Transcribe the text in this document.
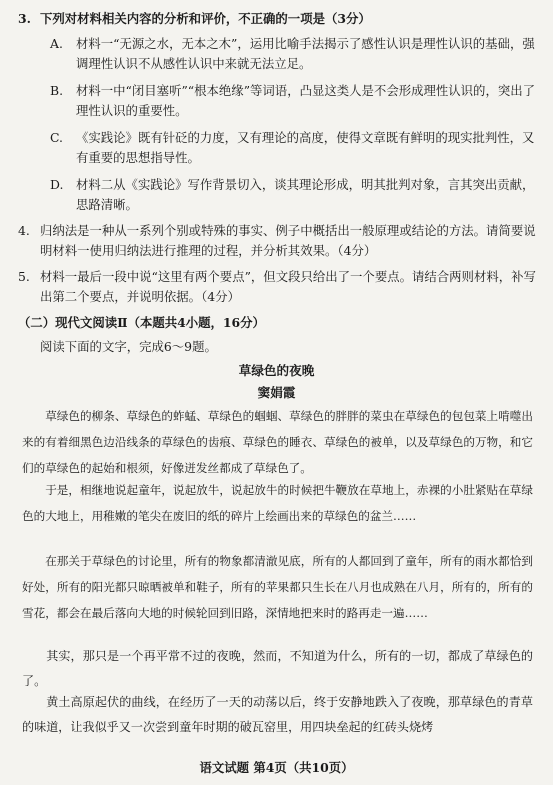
3. 下列对材料相关内容的分析和评价，不正确的一项是（3分）

A.	材料一“无源之水，无本之木”，运用比喻手法揭示了感性认识是理性认识的基础，强调理性认识不从感性认识中来就无法立足。
B.	材料一中“闭目塞听”“根本绝缘”等词语，凸显这类人是不会形成理性认识的，突出了理性认识的重要性。
C.	《实践论》既有针砭的力度，又有理论的高度，使得文章既有鲜明的现实批判性，又有重要的思想指导性。
D.	材料二从《实践论》写作背景切入，谈其理论形成，明其批判对象，言其突出贡献，思路清晰。
4. 归纳法是一种从一系列个别或特殊的事实、例子中概括出一般原理或结论的方法。请简要说明材料一使用归纳法进行推理的过程，并分析其效果。（4分）
5. 材料一最后一段中说“这里有两个要点”，但文段只给出了一个要点。请结合两则材料，补写出第二个要点，并说明依据。（4分）

（二）现代文阅读Ⅱ（本题共4小题，16分）

阅读下面的文字，完成6～9题。

草绿色的夜晚

窦娟霞

草绿色的柳条、草绿色的蚱蜢、草绿色的蝈蝈、草绿色的胖胖的菜虫在草绿色的包包菜上啃噬出来的有着细黑色边沿线条的草绿色的齿痕、草绿色的睡衣、草绿色的被单，以及草绿色的万物，和它们的草绿色的起始和根须，好像迸发丝都成了草绿色了。

于是，相继地说起童年，说起放牛，说起放牛的时候把牛鞭放在草地上，赤裸的小肚紧贴在草绿色的大地上，用稚嫩的笔尖在废旧的纸的碎片上绘画出来的草绿色的盆兰……

在那关于草绿色的讨论里，所有的物象都清澈见底，所有的人都回到了童年，所有的雨水都恰到好处，所有的阳光都只晾晒被单和鞋子，所有的苹果都只生长在八月也成熟在八月，所有的，所有的雪花，都会在最后落向大地的时候轮回到旧路，深情地把来时的路再走一遍……

其实，那只是一个再平常不过的夜晚，然而，不知道为什么，所有的一切，都成了草绿色的了。

黄土高原起伏的曲线，在经历了一天的动荡以后，终于安静地跌入了夜晚，那草绿色的青草的味道，让我似乎又一次尝到童年时期的破瓦窑里，用四块垒起的红砖头烧烤

语文试题 第4页（共10页）
